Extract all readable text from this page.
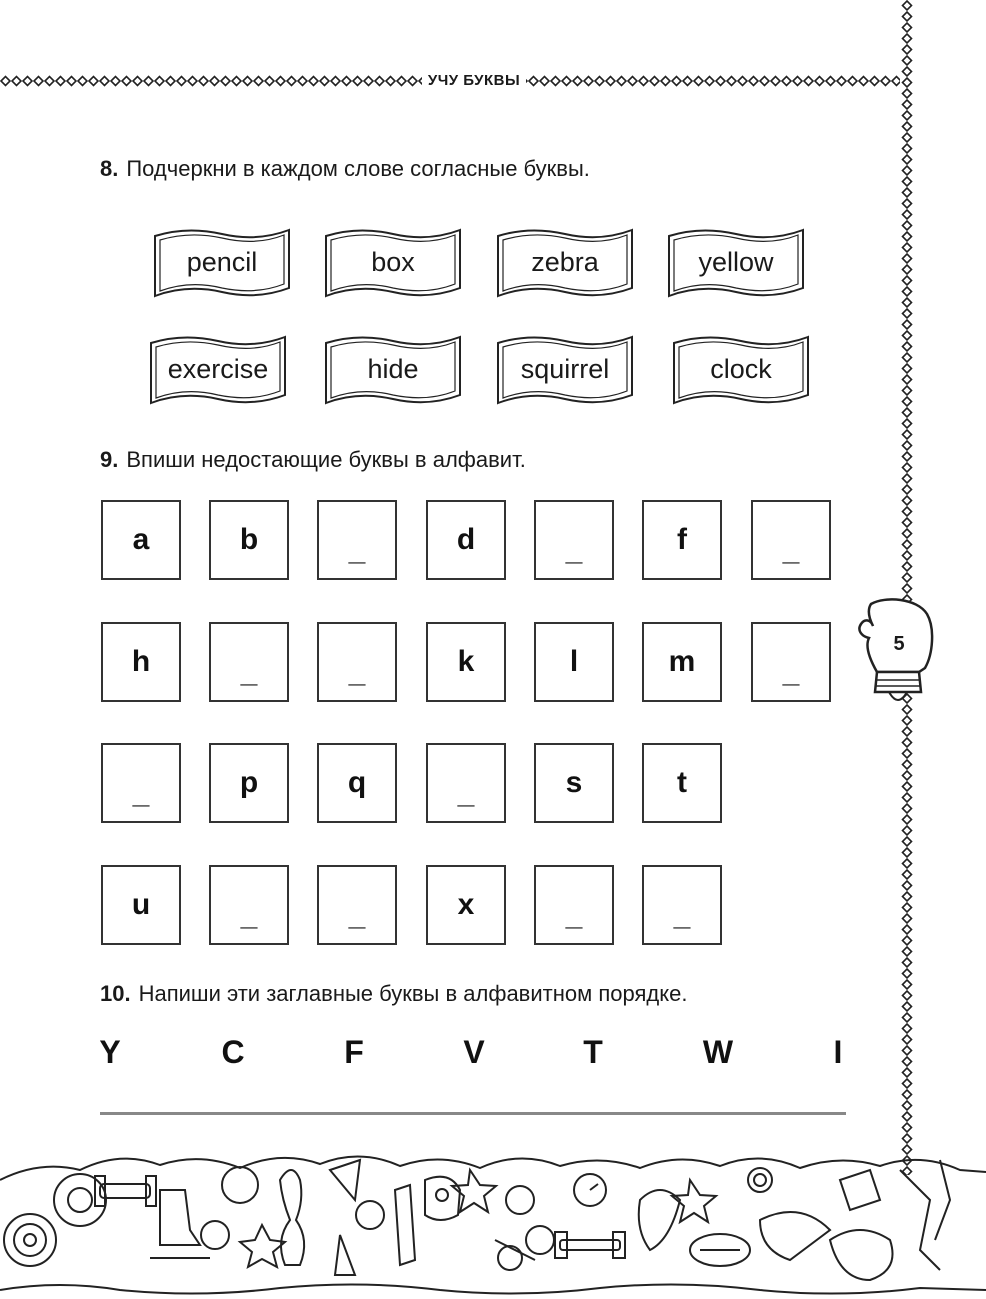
УЧУ БУКВЫ
8. Подчеркни в каждом слове согласные буквы.
pencil	box	zebra	yellow
exercise	hide	squirrel	clock
9. Впиши недостающие буквы в алфавит.
a	b	_	d	_	f	_
h	_	_	k	l	m	_
_	p	q	_	s	t
u	_	_	x	_	_
10. Напиши эти заглавные буквы в алфавитном порядке.
Y	C	F	V	T	W	I
5
